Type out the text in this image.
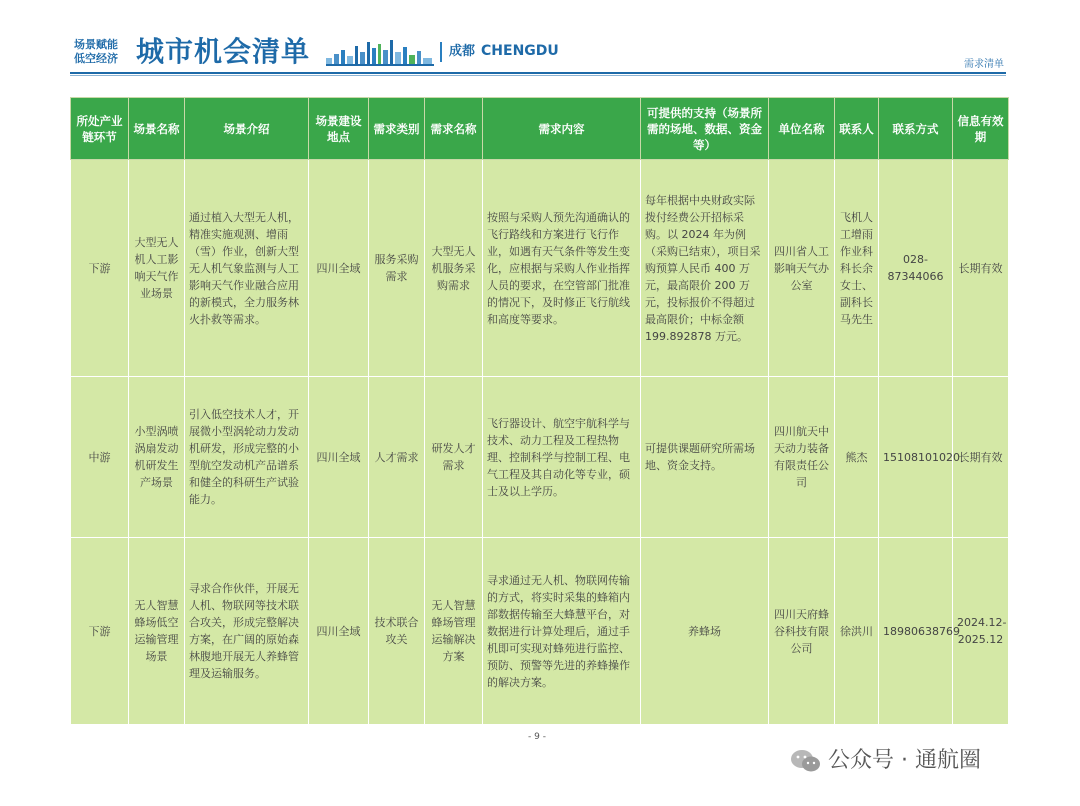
场景赋能
低空经济 城市机会清单	成都 CHENGDU
需求清单
所处产业链环节	场景名称	场景介绍	场景建设地点	需求类别	需求名称	需求内容	可提供的支持（场景所需的场地、数据、资金等）	单位名称	联系人	联系方式	信息有效期
下游	大型无人机人工影响天气作业场景	通过植入大型无人机，精准实施观测、增雨（雪）作业，创新大型无人机气象监测与人工影响天气作业融合应用的新模式，全力服务林火扑救等需求。	四川全域	服务采购需求	大型无人机服务采购需求	按照与采购人预先沟通确认的飞行路线和方案进行飞行作业，如遇有天气条件等发生变化，应根据与采购人作业指挥人员的要求，在空管部门批准的情况下，及时修正飞行航线和高度等要求。	每年根据中央财政实际拨付经费公开招标采购。以 2024 年为例（采购已结束），项目采购预算人民币 400 万元，最高限价 200 万元，投标报价不得超过最高限价；中标金额 199.892878 万元。	四川省人工影响天气办公室	飞机人工增雨作业科科长余女士、副科长马先生	028-87344066	长期有效
中游	小型涡喷涡扇发动机研发生产场景	引入低空技术人才，开展微小型涡轮动力发动机研发，形成完整的小型航空发动机产品谱系和健全的科研生产试验能力。	四川全域	人才需求	研发人才需求	飞行器设计、航空宇航科学与技术、动力工程及工程热物理、控制科学与控制工程、电气工程及其自动化等专业，硕士及以上学历。	可提供课题研究所需场地、资金支持。	四川航天中天动力装备有限责任公司	熊杰	15108101020	长期有效
下游	无人智慧蜂场低空运输管理场景	寻求合作伙伴，开展无人机、物联网等技术联合攻关，形成完整解决方案，在广阔的原始森林腹地开展无人养蜂管理及运输服务。	四川全域	技术联合攻关	无人智慧蜂场管理运输解决方案	寻求通过无人机、物联网传输的方式，将实时采集的蜂箱内部数据传输至大蜂慧平台，对数据进行计算处理后，通过手机即可实现对蜂苑进行监控、预防、预警等先进的养蜂操作的解决方案。	养蜂场	四川天府蜂谷科技有限公司	徐洪川	18980638769	2024.12-2025.12
- 9 -
公众号 · 通航圈
